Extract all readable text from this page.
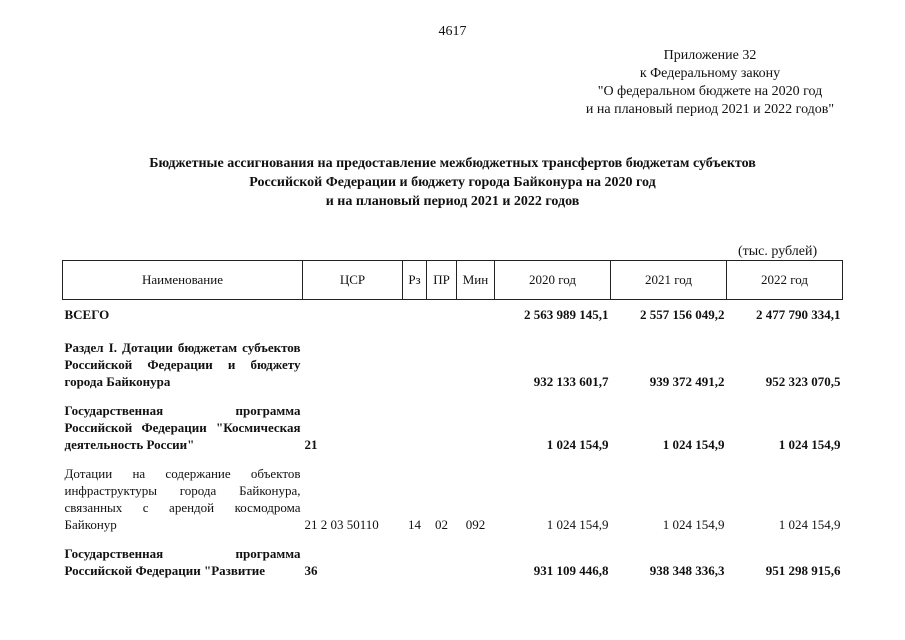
4617
Приложение 32
к Федеральному закону
"О федеральном бюджете на 2020 год
и на плановый период 2021 и 2022 годов"
Бюджетные ассигнования на предоставление межбюджетных трансфертов бюджетам субъектов
Российской Федерации и бюджету города Байконура на 2020 год
и на плановый период 2021 и 2022 годов
(тыс. рублей)
Наименование	ЦСР	Рз	ПР	Мин	2020 год	2021 год	2022 год
ВСЕГО					2 563 989 145,1	2 557 156 049,2	2 477 790 334,1
Раздел I. Дотации бюджетам субъектов Российской Федерации и бюджету города Байконура					932 133 601,7	939 372 491,2	952 323 070,5
Государственная программа Российской Федерации "Космическая деятельность России"	21				1 024 154,9	1 024 154,9	1 024 154,9
Дотации на содержание объектов инфраструктуры города Байконура, связанных с арендой космодрома Байконур	21 2 03 50110	14	02	092	1 024 154,9	1 024 154,9	1 024 154,9
Государственная программа Российской Федерации "Развитие	36				931 109 446,8	938 348 336,3	951 298 915,6
